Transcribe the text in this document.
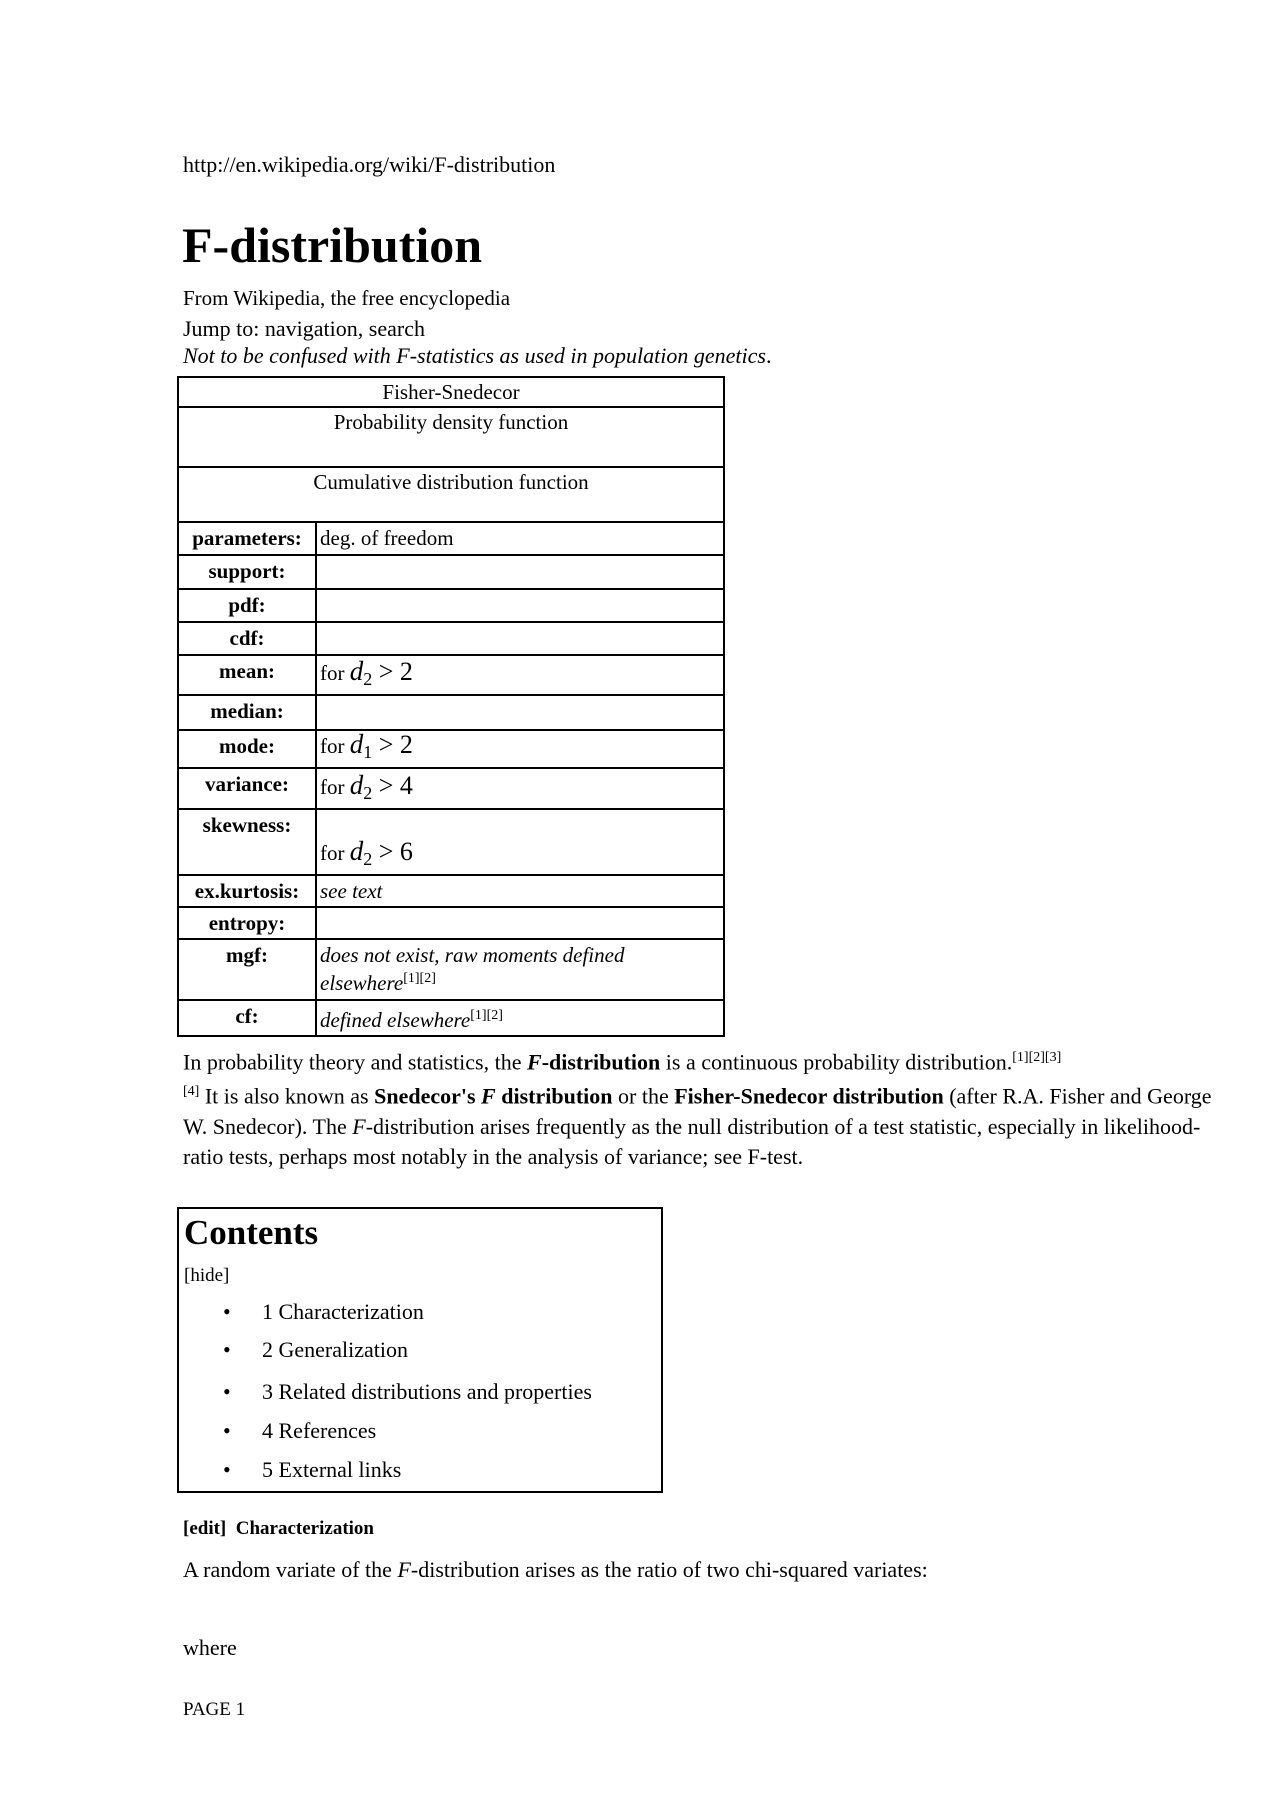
http://en.wikipedia.org/wiki/F-distribution
F-distribution
From Wikipedia, the free encyclopedia
Jump to: navigation, search
Not to be confused with F-statistics as used in population genetics.
Fisher-Snedecor	
Probability density function	
Cumulative distribution function	
parameters:	deg. of freedom
support:	
pdf:	
cdf:	
mean:	for $d_2 > 2$
median:	
mode:	for $d_1 > 2$
variance:	for $d_2 > 4$
skewness:	for $d_2 > 6$
ex.kurtosis:	see text
entropy:	
mgf:	does not exist, raw moments defined elsewhere[1][2]
cf:	defined elsewhere[1][2]
In probability theory and statistics, the F-distribution is a continuous probability distribution.[1][2][3]
[4] It is also known as Snedecor's F distribution or the Fisher-Snedecor distribution (after R.A. Fisher and George W. Snedecor). The F-distribution arises frequently as the null distribution of a test statistic, especially in likelihood-ratio tests, perhaps most notably in the analysis of variance; see F-test.
Contents
[hide]
• 1 Characterization
• 2 Generalization
• 3 Related distributions and properties
• 4 References
• 5 External links
[edit] Characterization
A random variate of the F-distribution arises as the ratio of two chi-squared variates:
where
PAGE 1
